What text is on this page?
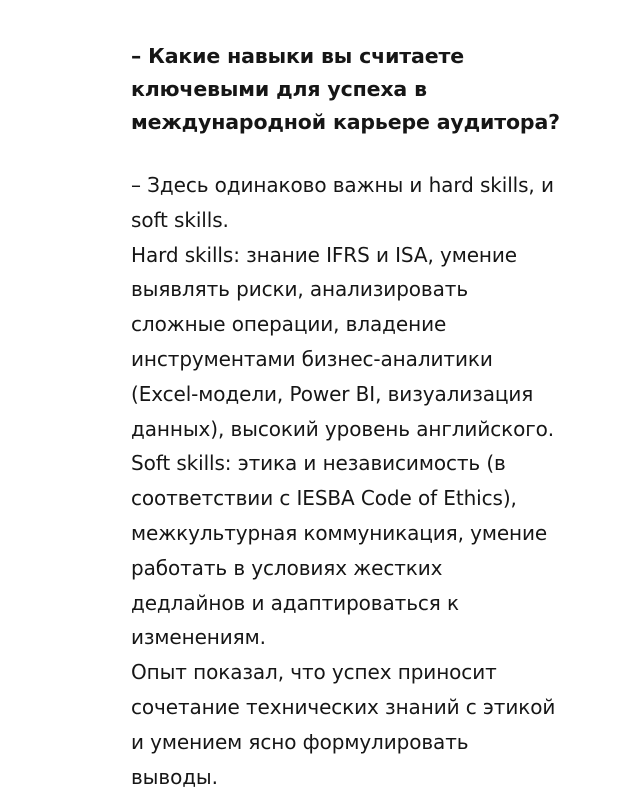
– Какие навыки вы считаете
ключевыми для успеха в
международной карьере аудитора?
– Здесь одинаково важны и hard skills, и
soft skills.
Hard skills: знание IFRS и ISA, умение
выявлять риски, анализировать
сложные операции, владение
инструментами бизнес-аналитики
(Excel-модели, Power BI, визуализация
данных), высокий уровень английского.
Soft skills: этика и независимость (в
соответствии с IESBA Code of Ethics),
межкультурная коммуникация, умение
работать в условиях жестких
дедлайнов и адаптироваться к
изменениям.
Опыт показал, что успех приносит
сочетание технических знаний с этикой
и умением ясно формулировать
выводы.
